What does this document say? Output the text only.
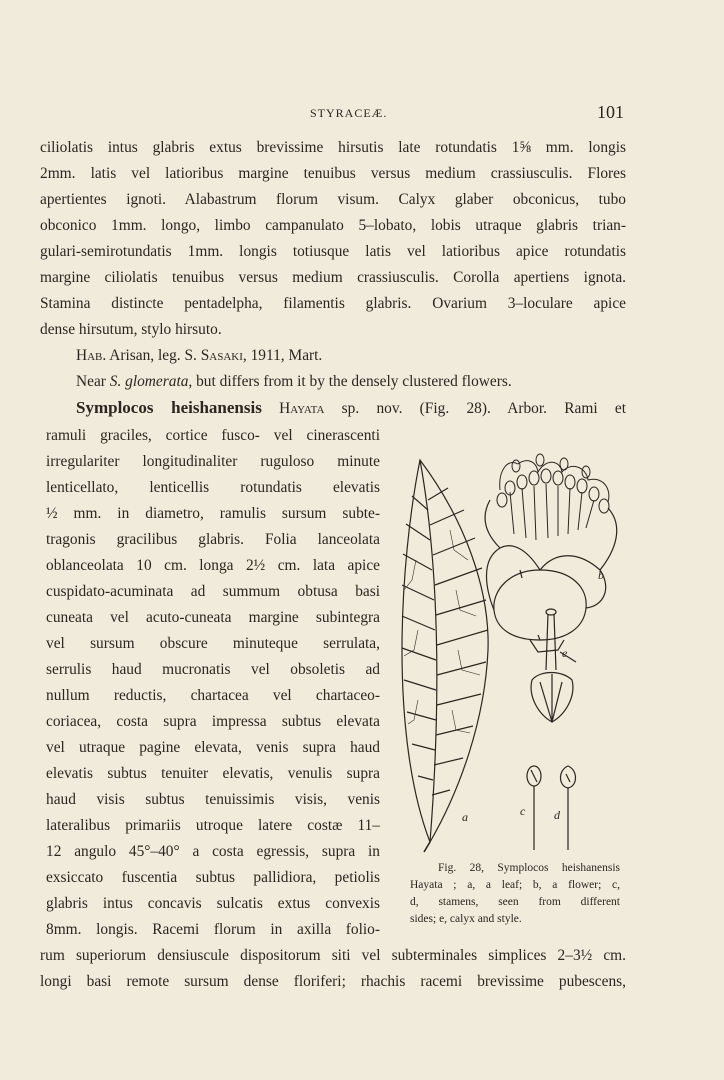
STYRACEÆ.	101
ciliolatis intus glabris extus brevissime hirsutis late rotundatis 1⅝ mm. longis
2mm. latis vel latioribus margine tenuibus versus medium crassiusculis. Flores
apertientes ignoti. Alabastrum florum visum. Calyx glaber obconicus, tubo
obconico 1mm. longo, limbo campanulato 5–lobato, lobis utraque glabris trian-
gulari-semirotundatis 1mm. longis totiusque latis vel latioribus apice rotundatis
margine ciliolatis tenuibus versus medium crassiusculis. Corolla apertiens ignota.
Stamina distincte pentadelpha, filamentis glabris. Ovarium 3–loculare apice
dense hirsutum, stylo hirsuto.
Hab. Arisan, leg. S. Sasaki, 1911, Mart.
Near S. glomerata, but differs from it by the densely clustered flowers.
Symplocos heishanensis Hayata sp. nov. (Fig. 28). Arbor. Rami et
ramuli graciles, cortice fusco- vel cinerascenti
irregulariter longitudinaliter ruguloso minute
lenticellato, lenticellis rotundatis elevatis
½ mm. in diametro, ramulis sursum subte-
tragonis gracilibus glabris. Folia lanceolata
oblanceolata 10 cm. longa 2½ cm. lata apice
cuspidato-acuminata ad summum obtusa basi
cuneata vel acuto-cuneata margine subintegra
vel sursum obscure minuteque serrulata,
serrulis haud mucronatis vel obsoletis ad
nullum reductis, chartacea vel chartaceo-
coriacea, costa supra impressa subtus elevata
vel utraque pagine elevata, venis supra haud
elevatis subtus tenuiter elevatis, venulis supra
haud visis subtus tenuissimis visis, venis
lateralibus primariis utroque latere costæ 11–
12 angulo 45°–40° a costa egressis, supra in
exsiccato fuscentia subtus pallidiora, petiolis
glabris intus concavis sulcatis extus convexis
8mm. longis. Racemi florum in axilla folio-
rum superiorum densiuscule dispositorum siti vel subterminales simplices 2–3½ cm.
longi basi remote sursum dense floriferi; rhachis racemi brevissime pubescens,
a
b
c d
e
Fig. 28, Symplocos heishanensis
Hayata ; a, a leaf; b, a flower; c,
d, stamens, seen from different
sides; e, calyx and style.
